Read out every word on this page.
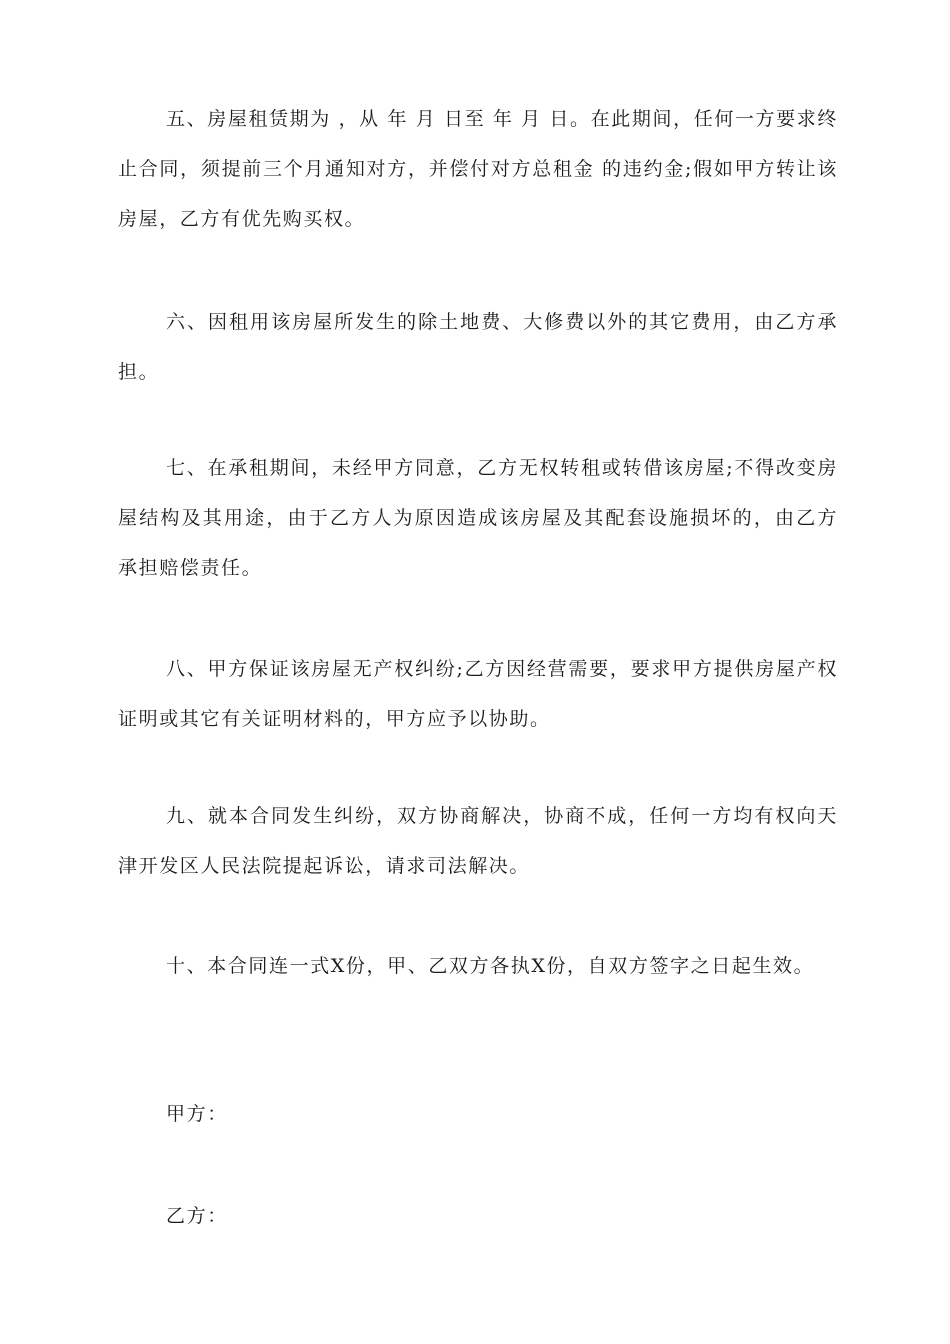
五、房屋租赁期为 ，从 年 月 日至 年 月 日。在此期间，任何一方要求终止合同，须提前三个月通知对方，并偿付对方总租金 的违约金;假如甲方转让该房屋，乙方有优先购买权。

六、因租用该房屋所发生的除土地费、大修费以外的其它费用，由乙方承担。

七、在承租期间，未经甲方同意，乙方无权转租或转借该房屋;不得改变房屋结构及其用途，由于乙方人为原因造成该房屋及其配套设施损坏的，由乙方承担赔偿责任。

八、甲方保证该房屋无产权纠纷;乙方因经营需要，要求甲方提供房屋产权证明或其它有关证明材料的，甲方应予以协助。

九、就本合同发生纠纷，双方协商解决，协商不成，任何一方均有权向天津开发区人民法院提起诉讼，请求司法解决。

十、本合同连一式X份，甲、乙双方各执X份，自双方签字之日起生效。

甲方：

乙方：
